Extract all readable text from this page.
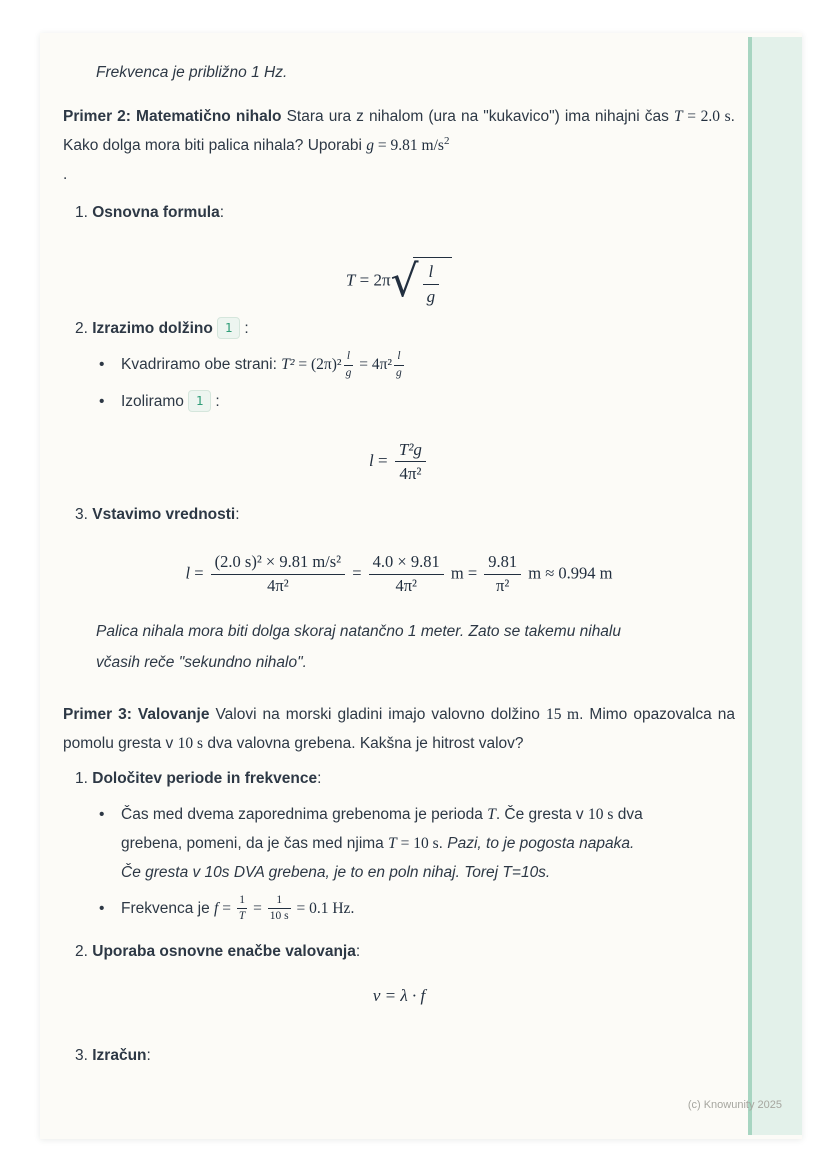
Frekvenca je približno 1 Hz.

Primer 2: Matematično nihalo Stara ura z nihalom (ura na "kukavico") ima nihajni čas T = 2.0 s. Kako dolga mora biti palica nihala? Uporabi g = 9.81 $m/s^2$

.

1. Osnovna formula:
T = 2π √ $\frac{l}{g}$
2. Izrazimo dolžino 1 :
• Kvadriramo obe strani: $T^2 = (2\pi)^2 \frac{l}{g} = 4\pi^2 \frac{l}{g}$
• Izoliramo 1 :
$l = \frac{\text{T²g}}{\text{4π²}}$
3. Vstavimo vrednosti:
$l = \frac{\text{(2.0 s)² × 9.81 m/s²}}{\text{4π²}} = \frac{4.0 \times 9.81}{\text{4π²}}$ $m = \frac{9.81}{\text{π²}}$ m ≈ 0.994 m

Palica nihala mora biti dolga skoraj natančno 1 meter. Zato se takemu nihalu včasih reče "sekundno nihalo".

Primer 3: Valovanje Valovi na morski gladini imajo valovno dolžino 15 m. Mimo opazovalca na pomolu gresta v 10 s dva valovna grebena. Kakšna je hitrost valov?

1. Določitev periode in frekvence:
• Čas med dvema zaporednima grebenoma je perioda T. Če gresta v 10 s dva grebena, pomeni, da je čas med njima T = 10 s. Pazi, to je pogosta napaka. Če gresta v 10s DVA grebena, je to en poln nihaj. Torej T=10s.
• Frekvenca je $f = \frac{1}{T} = \frac{1}{10 s} = 0.1$ Hz.
2. Uporaba osnovne enačbe valovanja:
v = λ · f
3. Izračun:
(c) Knowunity 2025
